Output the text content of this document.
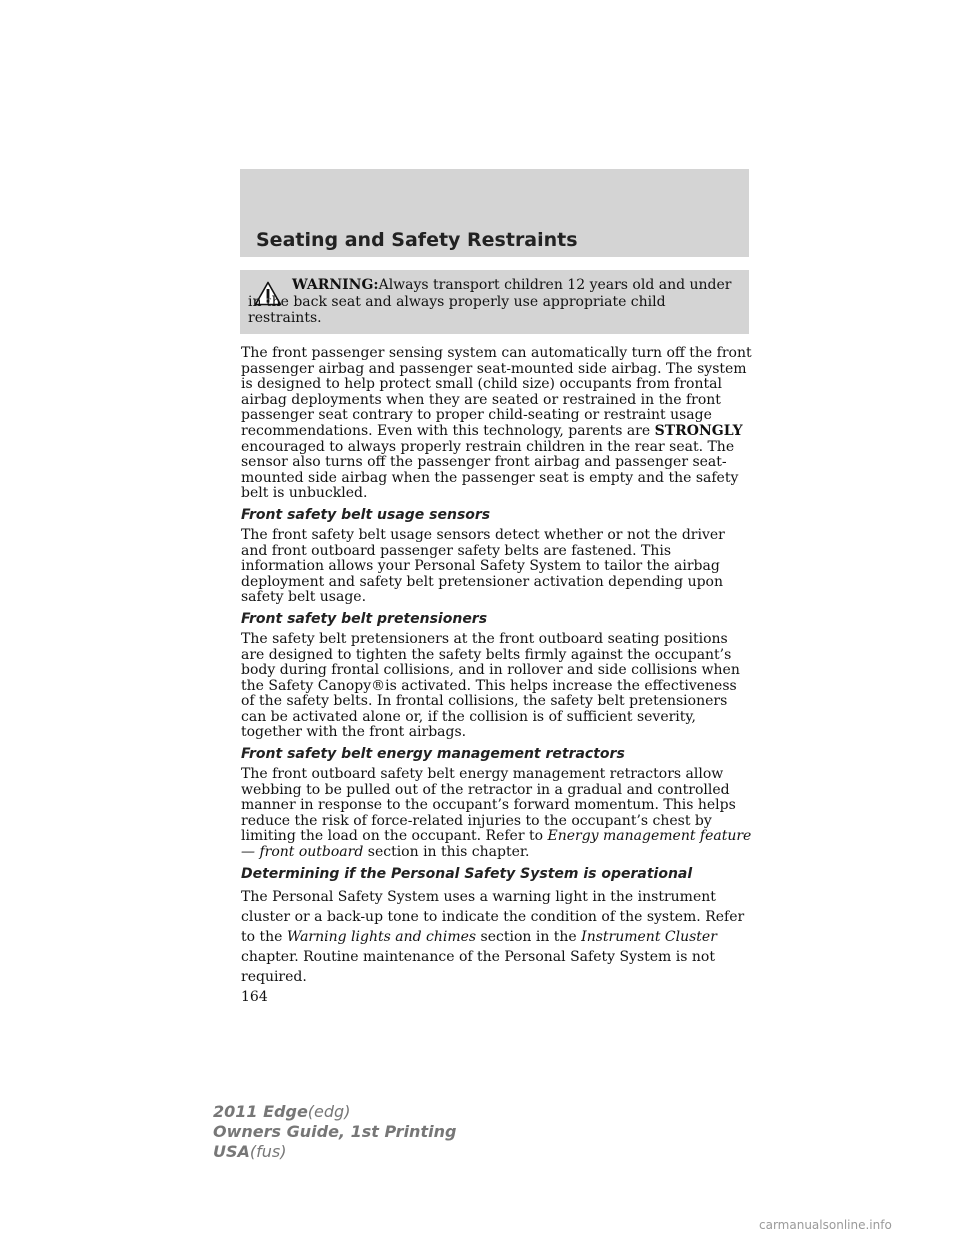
Seating and Safety Restraints

WARNING:Always transport children 12 years old and under in the back seat and always properly use appropriate child restraints.

The front passenger sensing system can automatically turn off the front passenger airbag and passenger seat-mounted side airbag. The system is designed to help protect small (child size) occupants from frontal airbag deployments when they are seated or restrained in the front passenger seat contrary to proper child-seating or restraint usage recommendations. Even with this technology, parents are STRONGLY encouraged to always properly restrain children in the rear seat. The sensor also turns off the passenger front airbag and passenger seat-mounted side airbag when the passenger seat is empty and the safety belt is unbuckled.

Front safety belt usage sensors

The front safety belt usage sensors detect whether or not the driver and front outboard passenger safety belts are fastened. This information allows your Personal Safety System to tailor the airbag deployment and safety belt pretensioner activation depending upon safety belt usage.

Front safety belt pretensioners

The safety belt pretensioners at the front outboard seating positions are designed to tighten the safety belts firmly against the occupant’s body during frontal collisions, and in rollover and side collisions when the Safety Canopy®is activated. This helps increase the effectiveness of the safety belts. In frontal collisions, the safety belt pretensioners can be activated alone or, if the collision is of sufficient severity, together with the front airbags.

Front safety belt energy management retractors

The front outboard safety belt energy management retractors allow webbing to be pulled out of the retractor in a gradual and controlled manner in response to the occupant’s forward momentum. This helps reduce the risk of force-related injuries to the occupant’s chest by limiting the load on the occupant. Refer to Energy management feature — front outboard section in this chapter.

Determining if the Personal Safety System is operational

The Personal Safety System uses a warning light in the instrument cluster or a back-up tone to indicate the condition of the system. Refer to the Warning lights and chimes section in the Instrument Cluster chapter. Routine maintenance of the Personal Safety System is not required.

164
2011 Edge(edg)
Owners Guide, 1st Printing
USA(fus)
carmanualsonline.info
